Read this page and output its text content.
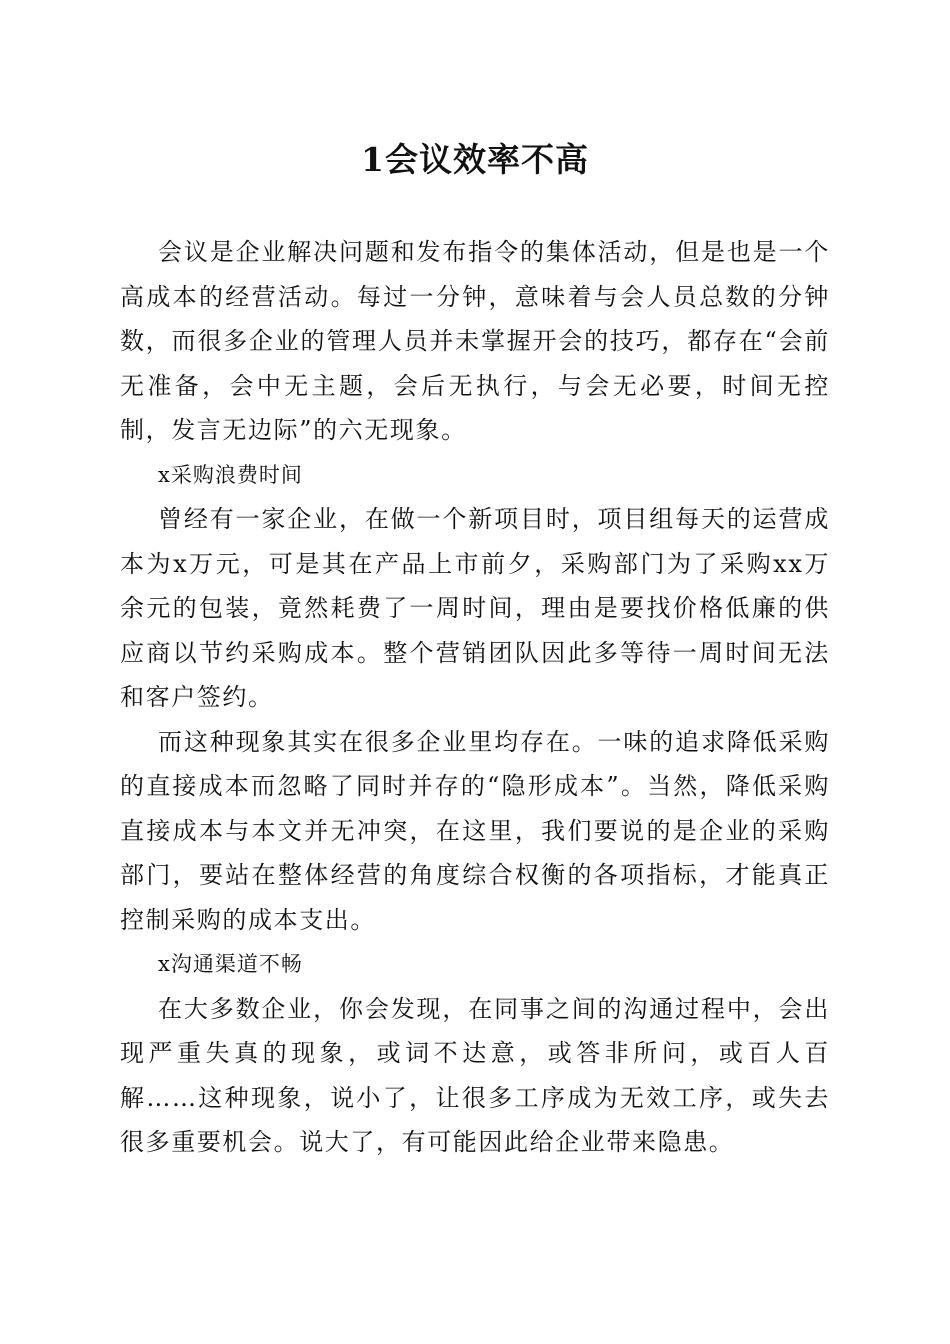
1会议效率不高

会议是企业解决问题和发布指令的集体活动，但是也是一个高成本的经营活动。每过一分钟，意味着与会人员总数的分钟数，而很多企业的管理人员并未掌握开会的技巧，都存在“会前无准备，会中无主题，会后无执行，与会无必要，时间无控制，发言无边际”的六无现象。

x采购浪费时间

曾经有一家企业，在做一个新项目时，项目组每天的运营成本为x万元，可是其在产品上市前夕，采购部门为了采购xx万余元的包装，竟然耗费了一周时间，理由是要找价格低廉的供应商以节约采购成本。整个营销团队因此多等待一周时间无法和客户签约。

而这种现象其实在很多企业里均存在。一味的追求降低采购的直接成本而忽略了同时并存的“隐形成本”。当然，降低采购直接成本与本文并无冲突，在这里，我们要说的是企业的采购部门，要站在整体经营的角度综合权衡的各项指标，才能真正控制采购的成本支出。

x沟通渠道不畅

在大多数企业，你会发现，在同事之间的沟通过程中，会出现严重失真的现象，或词不达意，或答非所问，或百人百解……这种现象，说小了，让很多工序成为无效工序，或失去很多重要机会。说大了，有可能因此给企业带来隐患。
